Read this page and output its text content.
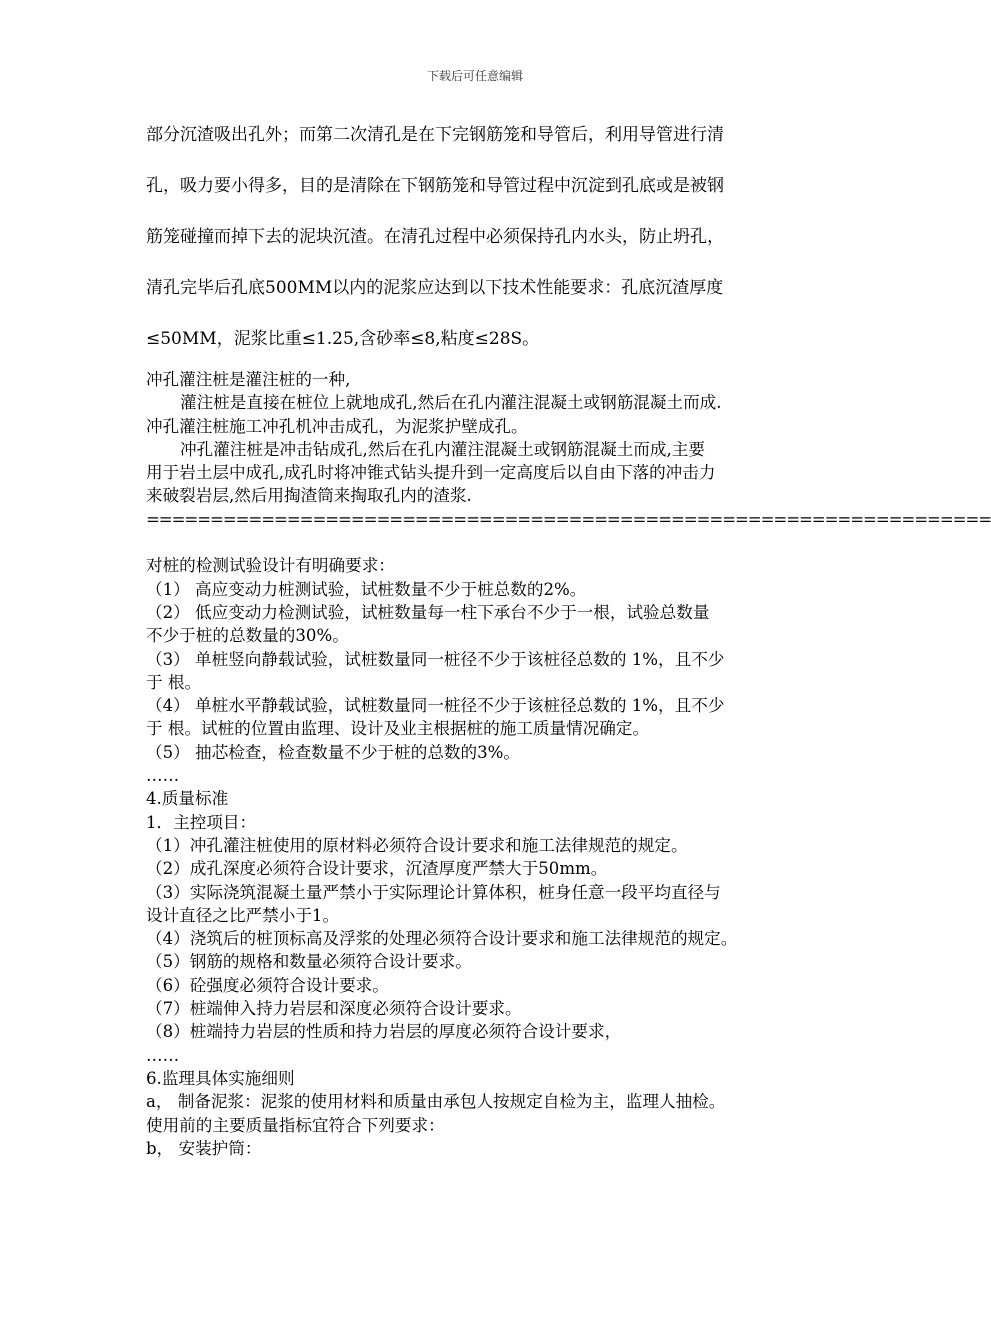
下载后可任意编辑

部分沉渣吸出孔外；而第二次清孔是在下完钢筋笼和导管后，利用导管进行清

孔，吸力要小得多，目的是清除在下钢筋笼和导管过程中沉淀到孔底或是被钢

筋笼碰撞而掉下去的泥块沉渣。在清孔过程中必须保持孔内水头，防止坍孔，

清孔完毕后孔底500MM以内的泥浆应达到以下技术性能要求：孔底沉渣厚度

≤50MM，泥浆比重≤1.25,含砂率≤8,粘度≤28S。

冲孔灌注桩是灌注桩的一种,

灌注桩是直接在桩位上就地成孔,然后在孔内灌注混凝土或钢筋混凝土而成.

冲孔灌注桩施工冲孔机冲击成孔，为泥浆护壁成孔。

冲孔灌注桩是冲击钻成孔,然后在孔内灌注混凝土或钢筋混凝土而成,主要

用于岩土层中成孔,成孔时将冲锥式钻头提升到一定高度后以自由下落的冲击力

来破裂岩层,然后用掏渣筒来掏取孔内的渣浆.

==================================================================

对桩的检测试验设计有明确要求：

（1） 高应变动力桩测试验，试桩数量不少于桩总数的2%。

（2） 低应变动力检测试验，试桩数量每一柱下承台不少于一根，试验总数量

不少于桩的总数量的30%。

（3） 单桩竖向静载试验，试桩数量同一桩径不少于该桩径总数的 1%，且不少

于 根。

（4） 单桩水平静载试验，试桩数量同一桩径不少于该桩径总数的 1%，且不少

于 根。试桩的位置由监理、设计及业主根据桩的施工质量情况确定。

（5） 抽芯检查，检查数量不少于桩的总数的3%。

……

4.质量标准

1．主控项目：

（1）冲孔灌注桩使用的原材料必须符合设计要求和施工法律规范的规定。

（2）成孔深度必须符合设计要求，沉渣厚度严禁大于50mm。

（3）实际浇筑混凝土量严禁小于实际理论计算体积，桩身任意一段平均直径与

设计直径之比严禁小于1。

（4）浇筑后的桩顶标高及浮浆的处理必须符合设计要求和施工法律规范的规定。

（5）钢筋的规格和数量必须符合设计要求。

（6）砼强度必须符合设计要求。

（7）桩端伸入持力岩层和深度必须符合设计要求。

（8）桩端持力岩层的性质和持力岩层的厚度必须符合设计要求，

……

6.监理具体实施细则

a， 制备泥浆：泥浆的使用材料和质量由承包人按规定自检为主，监理人抽检。

使用前的主要质量指标宜符合下列要求：

b， 安装护筒：
